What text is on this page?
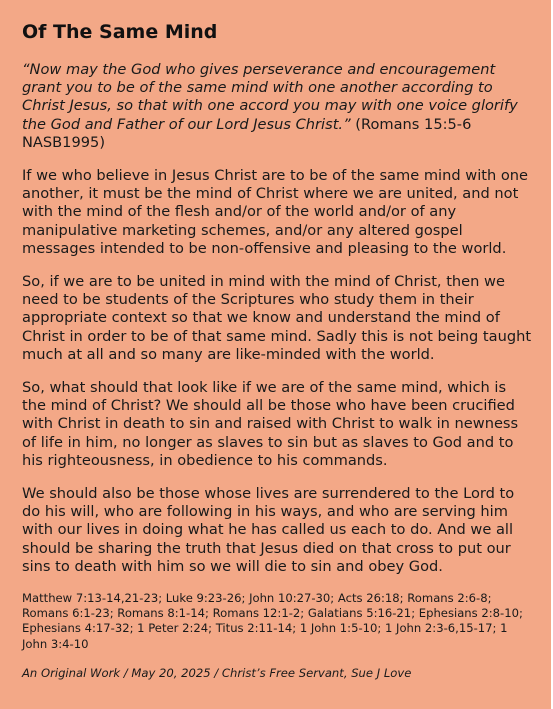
Of The Same Mind

“Now may the God who gives perseverance and encouragement grant you to be of the same mind with one another according to Christ Jesus, so that with one accord you may with one voice glorify the God and Father of our Lord Jesus Christ.” (Romans 15:5-6 NASB1995)

If we who believe in Jesus Christ are to be of the same mind with one another, it must be the mind of Christ where we are united, and not with the mind of the flesh and/or of the world and/or of any manipulative marketing schemes, and/or any altered gospel messages intended to be non-offensive and pleasing to the world.

So, if we are to be united in mind with the mind of Christ, then we need to be students of the Scriptures who study them in their appropriate context so that we know and understand the mind of Christ in order to be of that same mind. Sadly this is not being taught much at all and so many are like-minded with the world.

So, what should that look like if we are of the same mind, which is the mind of Christ? We should all be those who have been crucified with Christ in death to sin and raised with Christ to walk in newness of life in him, no longer as slaves to sin but as slaves to God and to his righteousness, in obedience to his commands.

We should also be those whose lives are surrendered to the Lord to do his will, who are following in his ways, and who are serving him with our lives in doing what he has called us each to do. And we all should be sharing the truth that Jesus died on that cross to put our sins to death with him so we will die to sin and obey God.

Matthew 7:13-14,21-23; Luke 9:23-26; John 10:27-30; Acts 26:18; Romans 2:6-8; Romans 6:1-23; Romans 8:1-14; Romans 12:1-2; Galatians 5:16-21; Ephesians 2:8-10; Ephesians 4:17-32; 1 Peter 2:24; Titus 2:11-14; 1 John 1:5-10; 1 John 2:3-6,15-17; 1 John 3:4-10

An Original Work / May 20, 2025 / Christ’s Free Servant, Sue J Love
